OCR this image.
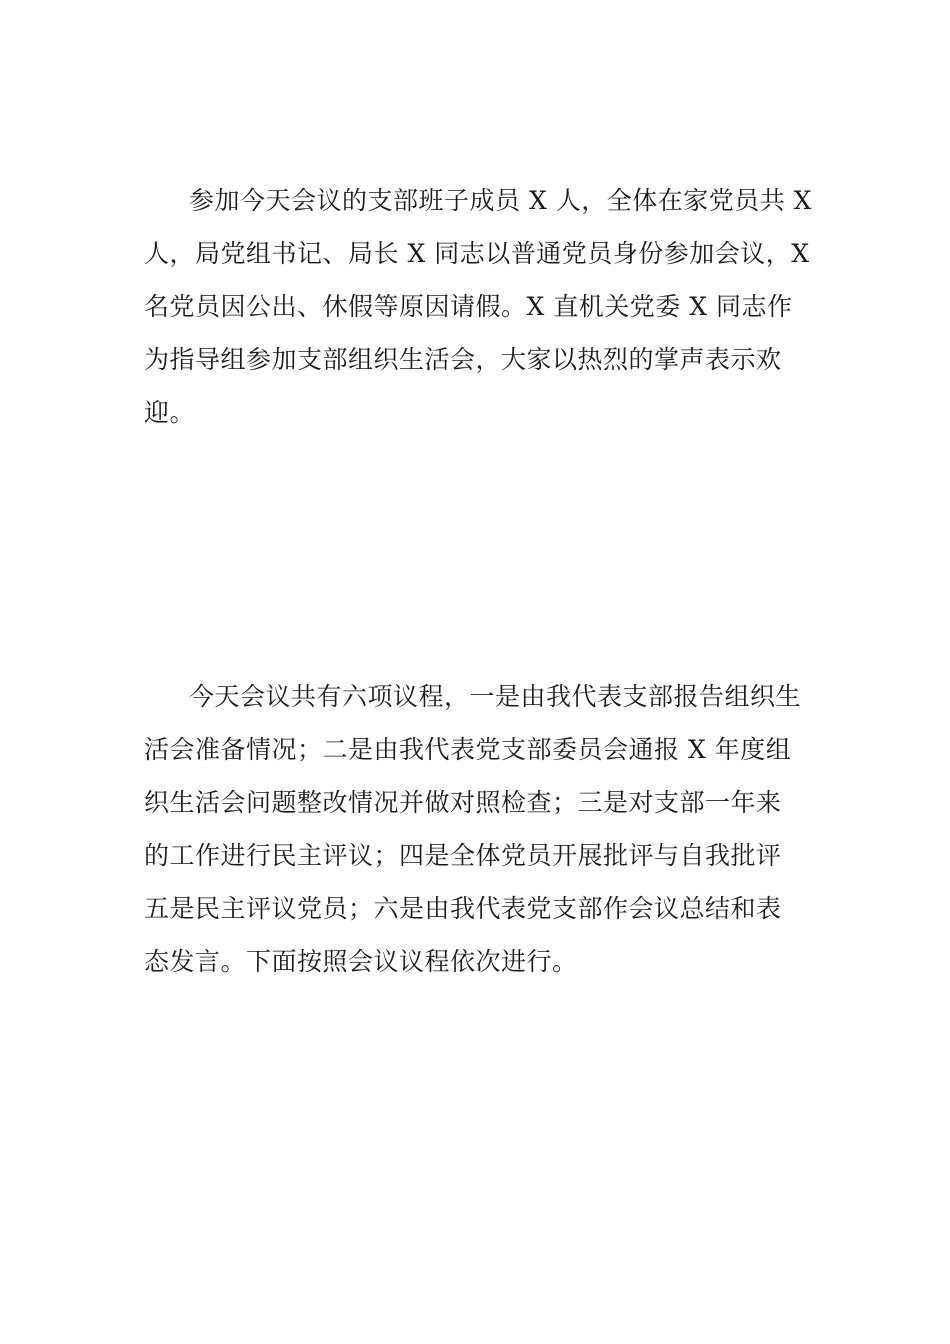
参加今天会议的支部班子成员 X 人，全体在家党员共 X
人，局党组书记、局长 X 同志以普通党员身份参加会议，X
名党员因公出、休假等原因请假。X 直机关党委 X 同志作
为指导组参加支部组织生活会，大家以热烈的掌声表示欢
迎。
今天会议共有六项议程，一是由我代表支部报告组织生
活会准备情况；二是由我代表党支部委员会通报 X 年度组
织生活会问题整改情况并做对照检查；三是对支部一年来
的工作进行民主评议；四是全体党员开展批评与自我批评
五是民主评议党员；六是由我代表党支部作会议总结和表
态发言。下面按照会议议程依次进行。
